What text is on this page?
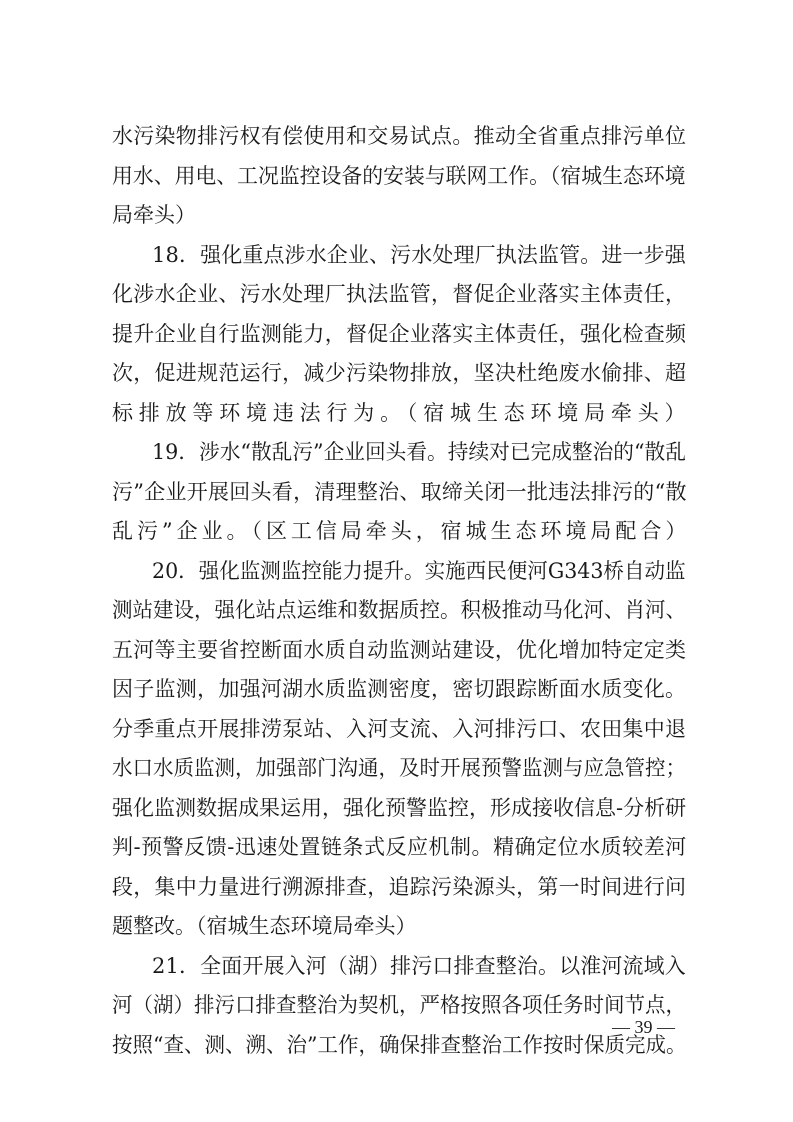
水污染物排污权有偿使用和交易试点。推动全省重点排污单位
用水、用电、工况监控设备的安装与联网工作。（宿城生态环境
局牵头）
18．强化重点涉水企业、污水处理厂执法监管。进一步强
化涉水企业、污水处理厂执法监管，督促企业落实主体责任，
提升企业自行监测能力，督促企业落实主体责任，强化检查频
次，促进规范运行，减少污染物排放，坚决杜绝废水偷排、超
标排放等环境违法行为。（宿城生态环境局牵头）
19．涉水“散乱污”企业回头看。持续对已完成整治的“散乱
污”企业开展回头看，清理整治、取缔关闭一批违法排污的“散
乱污”企业。（区工信局牵头，宿城生态环境局配合）
20．强化监测监控能力提升。实施西民便河G343桥自动监
测站建设，强化站点运维和数据质控。积极推动马化河、肖河、
五河等主要省控断面水质自动监测站建设，优化增加特定定类
因子监测，加强河湖水质监测密度，密切跟踪断面水质变化。
分季重点开展排涝泵站、入河支流、入河排污口、农田集中退
水口水质监测，加强部门沟通，及时开展预警监测与应急管控；
强化监测数据成果运用，强化预警监控，形成接收信息-分析研
判-预警反馈-迅速处置链条式反应机制。精确定位水质较差河
段，集中力量进行溯源排查，追踪污染源头，第一时间进行问
题整改。（宿城生态环境局牵头）
21．全面开展入河（湖）排污口排查整治。以淮河流域入
河（湖）排污口排查整治为契机，严格按照各项任务时间节点，
按照“查、测、溯、治”工作，确保排查整治工作按时保质完成。
— 39 —
